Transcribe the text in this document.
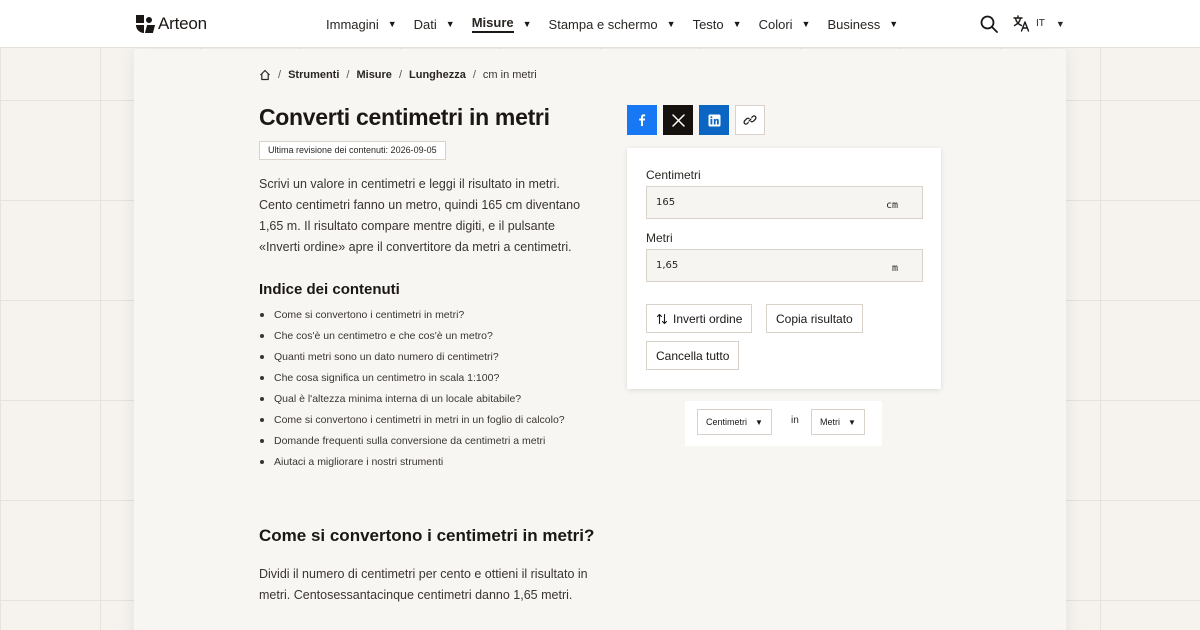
Arteon	Immagini ▼ Dati ▼ Misure ▼ Stampa e schermo ▼ Testo ▼ Colori ▼ Business ▼	IT ▼
/ Strumenti / Misure / Lunghezza / cm in metri
Converti centimetri in metri
Ultima revisione dei contenuti: 2026-09-05

Scrivi un valore in centimetri e leggi il risultato in metri. Cento centimetri fanno un metro, quindi 165 cm diventano 1,65 m. Il risultato compare mentre digiti, e il pulsante «Inverti ordine» apre il convertitore da metri a centimetri.

Indice dei contenuti
Come si convertono i centimetri in metri?
Che cos'è un centimetro e che cos'è un metro?
Quanti metri sono un dato numero di centimetri?
Che cosa significa un centimetro in scala 1:100?
Qual è l'altezza minima interna di un locale abitabile?
Come si convertono i centimetri in metri in un foglio di calcolo?
Domande frequenti sulla conversione da centimetri a metri
Aiutaci a migliorare i nostri strumenti
Come si convertono i centimetri in metri?

Dividi il numero di centimetri per cento e ottieni il risultato in metri. Centosessantacinque centimetri danno 1,65 metri.

Centimetri
165
cm
Metri
1,65
m
Inverti ordine	Copia risultato
Cancella tutto
Centimetri ▼	in Metri ▼
